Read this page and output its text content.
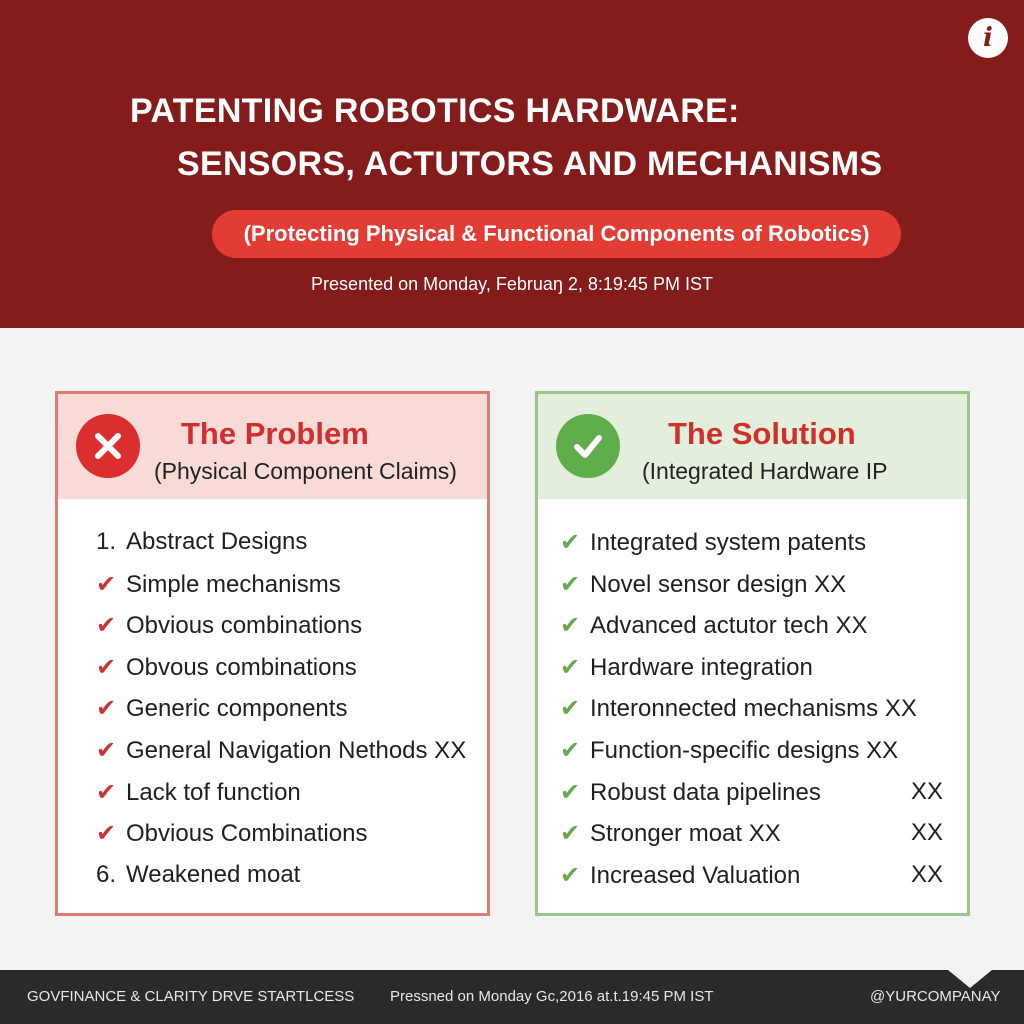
i
PATENTING ROBOTICS HARDWARE:
SENSORS, ACTUTORS AND MECHANISMS
(Protecting Physical & Functional Components of Robotics)
Presented on Monday, Februaŋ 2, 8:19:45 PM IST
The Problem
(Physical Component Claims)
1. Abstract Designs
✔ Simple mechanisms
✔ Obvious combinations
✔ Obvous combinations
✔ Generic components
✔ General Navigation Nethods XX
✔ Lack tof function
✔ Obvious Combinations
6. Weakened moat
The Solution
(Integrated Hardware IP
✔ Integrated system patents
✔ Novel sensor design XX
✔ Advanced actutor tech XX
✔ Hardware integration
✔ Interonnected mechanisms XX
✔ Function-specific designs XX
✔ Robust data pipelines	XX
✔ Stronger moat XX	XX
✔ Increased Valuation	XX
GOVFINANCE & CLARITY DRVE STARTLCESS Pressned on Monday Gc,2016 at.t.19:45 PM IST	@YURCOMPANAY
